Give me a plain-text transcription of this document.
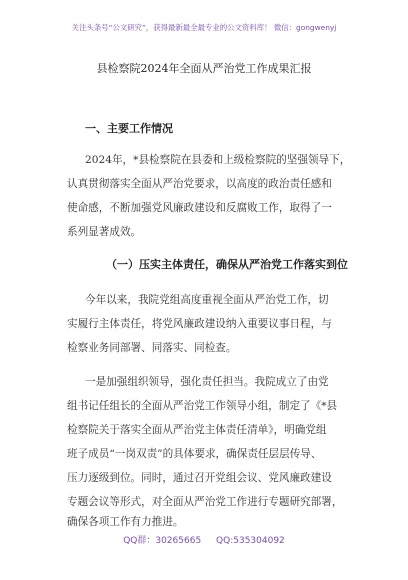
关注头条号“公文研究”，获得最新最全最专业的公文资料库！ 微信：gongwenyj
县检察院2024年全面从严治党工作成果汇报
一、主要工作情况
2024年，*县检察院在县委和上级检察院的坚强领导下，
认真贯彻落实全面从严治党要求，以高度的政治责任感和
使命感，不断加强党风廉政建设和反腐败工作，取得了一
系列显著成效。
（一）压实主体责任，确保从严治党工作落实到位
今年以来，我院党组高度重视全面从严治党工作，切
实履行主体责任，将党风廉政建设纳入重要议事日程，与
检察业务同部署、同落实、同检查。
一是加强组织领导，强化责任担当。我院成立了由党
组书记任组长的全面从严治党工作领导小组，制定了《*县
检察院关于落实全面从严治党主体责任清单》，明确党组
班子成员“一岗双责”的具体要求，确保责任层层传导、
压力逐级到位。同时，通过召开党组会议、党风廉政建设
专题会议等形式，对全面从严治党工作进行专题研究部署，
确保各项工作有力推进。
QQ群：30265665 QQ:535304092
